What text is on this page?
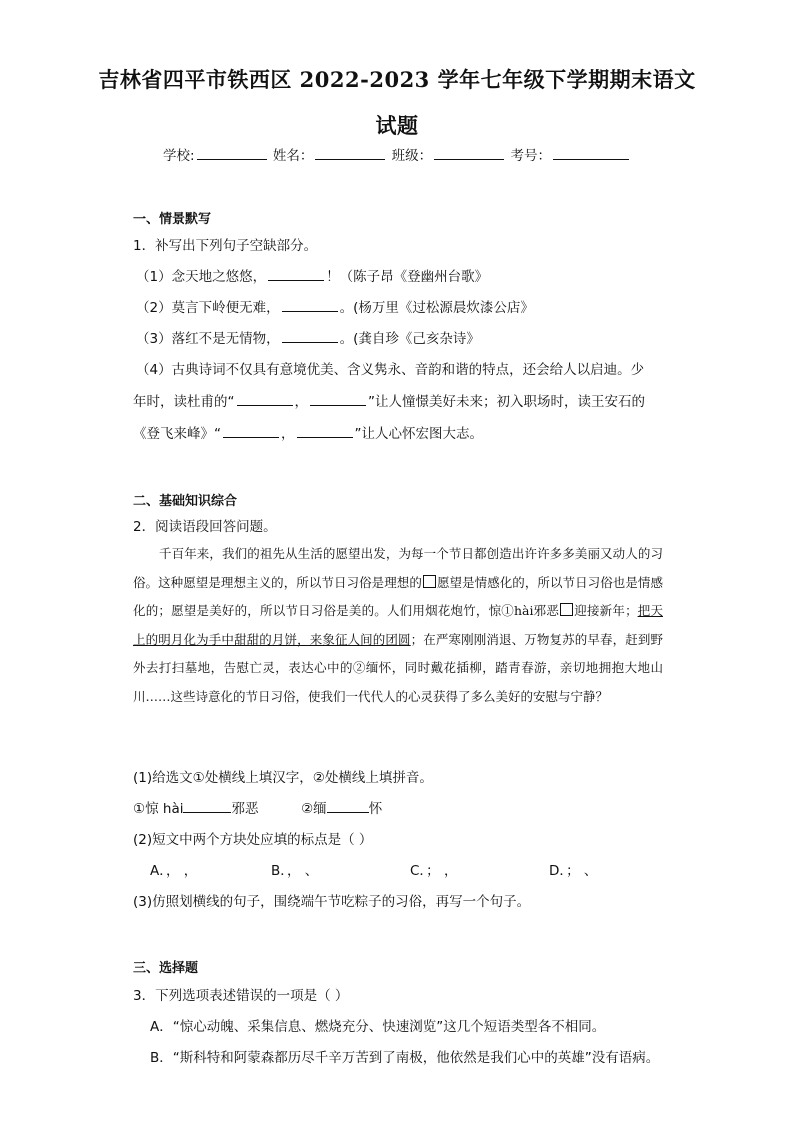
吉林省四平市铁西区 2022-2023 学年七年级下学期期末语文
试题
学校:	姓名：	班级：	考号：
一、情景默写
1．补写出下列句子空缺部分。
（1）念天地之悠悠，	！（陈子昂《登幽州台歌》
（2）莫言下岭便无难，	。(杨万里《过松源晨炊漆公店》
（3）落红不是无情物，	。(龚自珍《己亥杂诗》
（4）古典诗词不仅具有意境优美、含义隽永、音韵和谐的特点，还会给人以启迪。少
年时，读杜甫的“	，	”让人憧憬美好未来；初入职场时，读王安石的
《登飞来峰》“	，	”让人心怀宏图大志。
二、基础知识综合
2．阅读语段回答问题。

千百年来，我们的祖先从生活的愿望出发，为每一个节日都创造出许许多多美丽又动人的习俗。这种愿望是理想主义的，所以节日习俗是理想的 愿望是情感化的，所以节日习俗也是情感化的；愿望是美好的，所以节日习俗是美的。人们用烟花炮竹，惊①hài邪恶 迎接新年；把天上的明月化为手中甜甜的月饼，来象征人间的团圆；在严寒刚刚消退、万物复苏的早春，赶到野外去打扫墓地，告慰亡灵，表达心中的②缅怀，同时戴花插柳，踏青春游，亲切地拥抱大地山川……这些诗意化的节日习俗，使我们一代代人的心灵获得了多么美好的安慰与宁静？

(1)给选文①处横线上填汉字，②处横线上填拼音。
①惊 hài	邪恶	②缅	怀
(2)短文中两个方块处应填的标点是（ ）
A．， ，	B．， 、	C．； ，	D．； 、
(3)仿照划横线的句子，围绕端午节吃粽子的习俗，再写一个句子。
三、选择题
3．下列选项表述错误的一项是（ ）
A．“惊心动魄、采集信息、燃烧充分、快速浏览”这几个短语类型各不相同。
B．“斯科特和阿蒙森都历尽千辛万苦到了南极，他依然是我们心中的英雄”没有语病。
